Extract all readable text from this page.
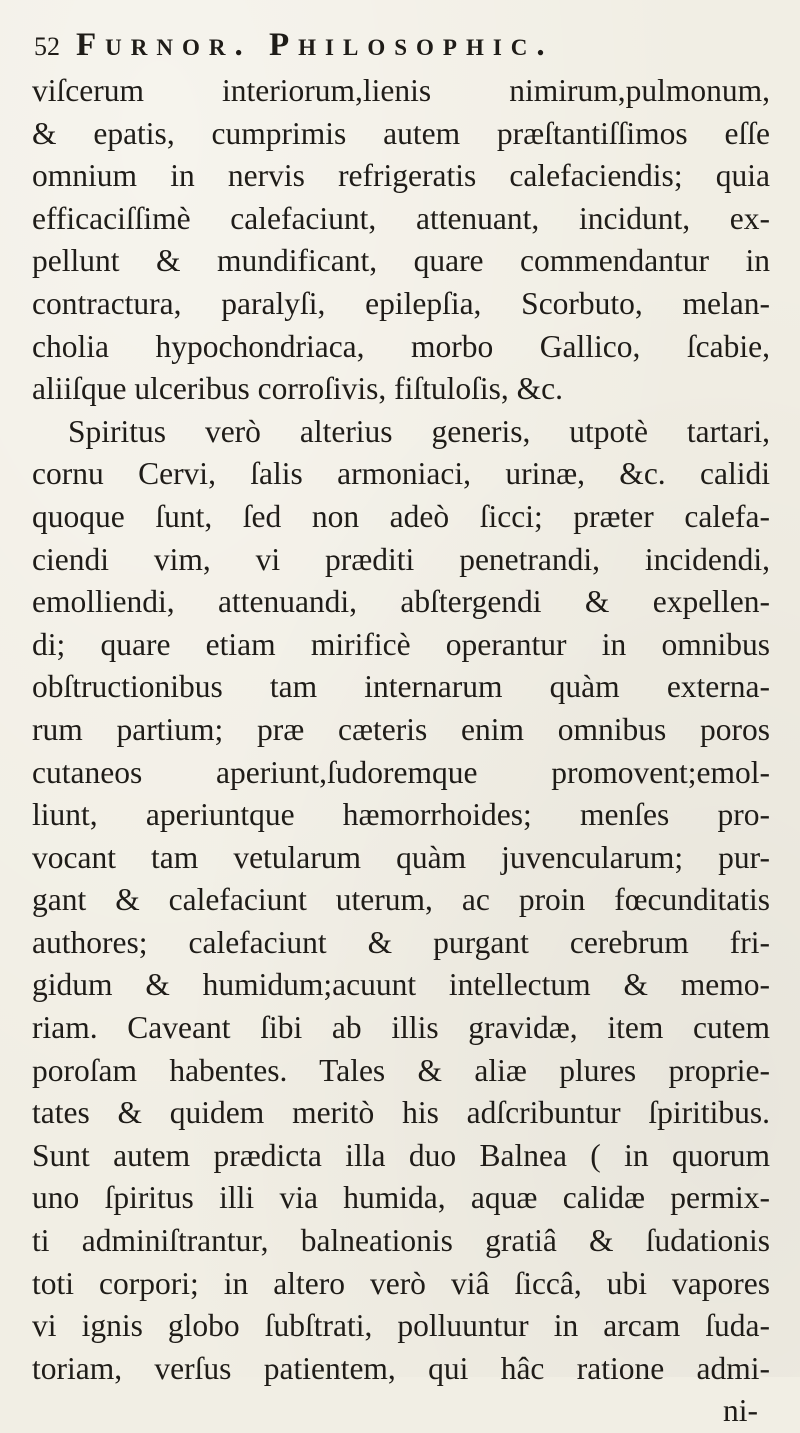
52 Furnor. Philosophic.
viſcerum interiorum,lienis nimirum,pulmonum,
& epatis, cumprimis autem præſtantiſſimos eſſe
omnium in nervis refrigeratis calefaciendis; quia
efficaciſſimè calefaciunt, attenuant, incidunt, ex-
pellunt & mundificant, quare commendantur in
contractura, paralyſi, epilepſia, Scorbuto, melan-
cholia hypochondriaca, morbo Gallico, ſcabie,
aliiſque ulceribus corroſivis, fiſtuloſis, &c.
Spiritus verò alterius generis, utpotè tartari,
cornu Cervi, ſalis armoniaci, urinæ, &c. calidi
quoque ſunt, ſed non adeò ſicci; præter calefa-
ciendi vim, vi præditi penetrandi, incidendi,
emolliendi, attenuandi, abſtergendi & expellen-
di; quare etiam mirificè operantur in omnibus
obſtructionibus tam internarum quàm externa-
rum partium; præ cæteris enim omnibus poros
cutaneos aperiunt,ſudoremque promovent;emol-
liunt, aperiuntque hæmorrhoides; menſes pro-
vocant tam vetularum quàm juvencularum; pur-
gant & calefaciunt uterum, ac proin fœcunditatis
authores; calefaciunt & purgant cerebrum fri-
gidum & humidum;acuunt intellectum & memo-
riam. Caveant ſibi ab illis gravidæ, item cutem
poroſam habentes. Tales & aliæ plures proprie-
tates & quidem meritò his adſcribuntur ſpiritibus.
Sunt autem prædicta illa duo Balnea ( in quorum
uno ſpiritus illi via humida, aquæ calidæ permix-
ti adminiſtrantur, balneationis gratiâ & ſudationis
toti corpori; in altero verò viâ ſiccâ, ubi vapores
vi ignis globo ſubſtrati, polluuntur in arcam ſuda-
toriam, verſus patientem, qui hâc ratione admi-
ni-
